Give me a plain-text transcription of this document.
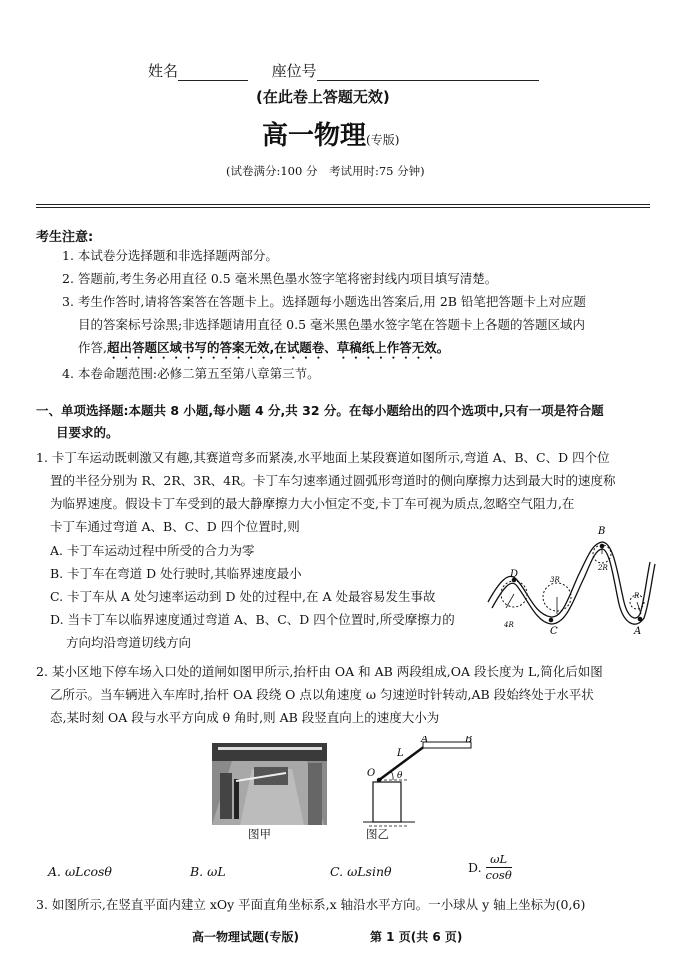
姓名	座位号
(在此卷上答题无效)
高一物理(专版)
(试卷满分:100 分　考试用时:75 分钟)
考生注意:
1. 本试卷分选择题和非选择题两部分。
2. 答题前,考生务必用直径 0.5 毫米黑色墨水签字笔将密封线内项目填写清楚。
3. 考生作答时,请将答案答在答题卡上。选择题每小题选出答案后,用 2B 铅笔把答题卡上对应题
目的答案标号涂黑;非选择题请用直径 0.5 毫米黑色墨水签字笔在答题卡上各题的答题区域内
作答,超出答题区域书写的答案无效,在试题卷、草稿纸上作答无效。
4. 本卷命题范围:必修二第五至第八章第三节。
一、单项选择题:本题共 8 小题,每小题 4 分,共 32 分。在每小题给出的四个选项中,只有一项是符合题
目要求的。
1. 卡丁车运动既刺激又有趣,其赛道弯多而紧凑,水平地面上某段赛道如图所示,弯道 A、B、C、D 四个位
置的半径分别为 R、2R、3R、4R。卡丁车匀速率通过圆弧形弯道时的侧向摩擦力达到最大时的速度称
为临界速度。假设卡丁车受到的最大静摩擦力大小恒定不变,卡丁车可视为质点,忽略空气阻力,在
卡丁车通过弯道 A、B、C、D 四个位置时,则
A. 卡丁车运动过程中所受的合力为零
B. 卡丁车在弯道 D 处行驶时,其临界速度最小
C. 卡丁车从 A 处匀速率运动到 D 处的过程中,在 A 处最容易发生事故
D. 当卡丁车以临界速度通过弯道 A、B、C、D 四个位置时,所受摩擦力的
方向均沿弯道切线方向
D
C
B
A
4R
3R
2R
R
2. 某小区地下停车场入口处的道闸如图甲所示,抬杆由 OA 和 AB 两段组成,OA 段长度为 L,简化后如图
乙所示。当车辆进入车库时,抬杆 OA 段绕 O 点以角速度 ω 匀速逆时针转动,AB 段始终处于水平状
态,某时刻 OA 段与水平方向成 θ 角时,则 AB 段竖直向上的速度大小为
图甲
O
L
A	B
θ
图乙
A. ωLcosθ	B. ωL	C. ωLsinθ	D. $\frac{\omega L}{\cos\theta}$
3. 如图所示,在竖直平面内建立 xOy 平面直角坐标系,x 轴沿水平方向。一小球从 y 轴上坐标为(0,6)
高一物理试题(专版)	第 1 页(共 6 页)
